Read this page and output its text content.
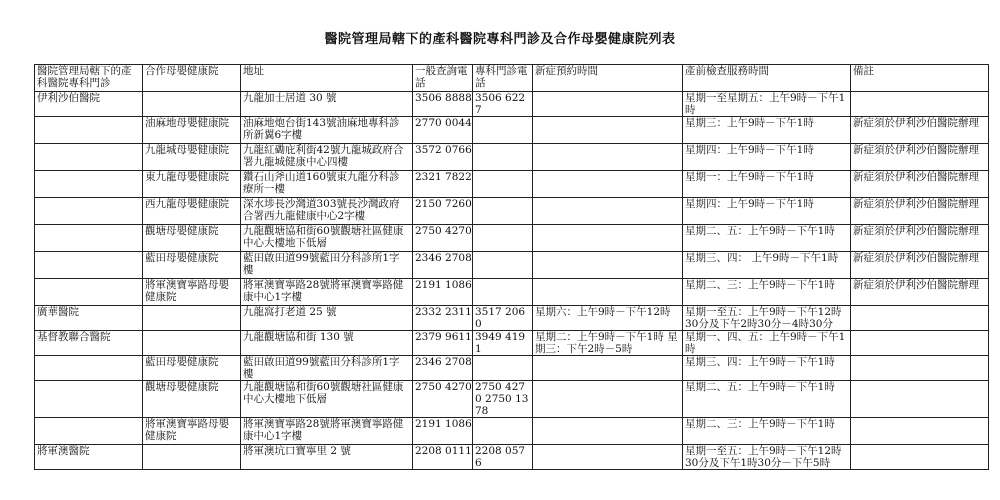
醫院管理局轄下的產科醫院專科門診及合作母嬰健康院列表
醫院管理局轄下的產科醫院專科門診	合作母嬰健康院	地址	一般查詢電話	專科門診電話	新症預約時間	產前檢查服務時間	備註
伊利沙伯醫院		九龍加士居道 30 號	3506 8888	3506 6227		星期一至星期五：上午9時－下午1時	
	油麻地母嬰健康院	油麻地炮台街143號油麻地專科診所新翼6字樓	2770 0044			星期三：上午9時－下午1時	新症須於伊利沙伯醫院辦理
	九龍城母嬰健康院	九龍紅磡庇利街42號九龍城政府合署九龍城健康中心四樓	3572 0766			星期四：上午9時－下午1時	新症須於伊利沙伯醫院辦理
	東九龍母嬰健康院	鑽石山斧山道160號東九龍分科診療所一樓	2321 7822			星期一：上午9時－下午1時	新症須於伊利沙伯醫院辦理
	西九龍母嬰健康院	深水埗長沙灣道303號長沙灣政府合署西九龍健康中心2字樓	2150 7260			星期四：上午9時－下午1時	新症須於伊利沙伯醫院辦理
	觀塘母嬰健康院	九龍觀塘協和街60號觀塘社區健康中心大樓地下低層	2750 4270			星期二、五：上午9時－下午1時	新症須於伊利沙伯醫院辦理
	藍田母嬰健康院	藍田啟田道99號藍田分科診所1字樓	2346 2708			星期三、四： 上午9時－下午1時	新症須於伊利沙伯醫院辦理
	將軍澳寶寧路母嬰健康院	將軍澳寶寧路28號將軍澳寶寧路健康中心1字樓	2191 1086			星期二、三：上午9時－下午1時	新症須於伊利沙伯醫院辦理
廣華醫院		九龍窩打老道 25 號	2332 2311	3517 2060	星期六：上午9時－下午12時	星期一至五：上午9時－下午12時30分及下午2時30分－4時30分	
基督教聯合醫院		九龍觀塘協和街 130 號	2379 9611	3949 4191	星期二：上午9時－下午1時 星期三：下午2時－5時	星期一、四、五：上午9時－下午1時	
	藍田母嬰健康院	藍田啟田道99號藍田分科診所1字樓	2346 2708			星期三、四：上午9時－下午1時	
	觀塘母嬰健康院	九龍觀塘協和街60號觀塘社區健康中心大樓地下低層	2750 4270	2750 4270 2750 1378		星期二、五：上午9時－下午1時	
	將軍澳寶寧路母嬰健康院	將軍澳寶寧路28號將軍澳寶寧路健康中心1字樓	2191 1086			星期二、三：上午9時－下午1時	
將軍澳醫院		將軍澳坑口寶寧里 2 號	2208 0111	2208 0576		星期一至五：上午9時－下午12時30分及下午1時30分－下午5時	
